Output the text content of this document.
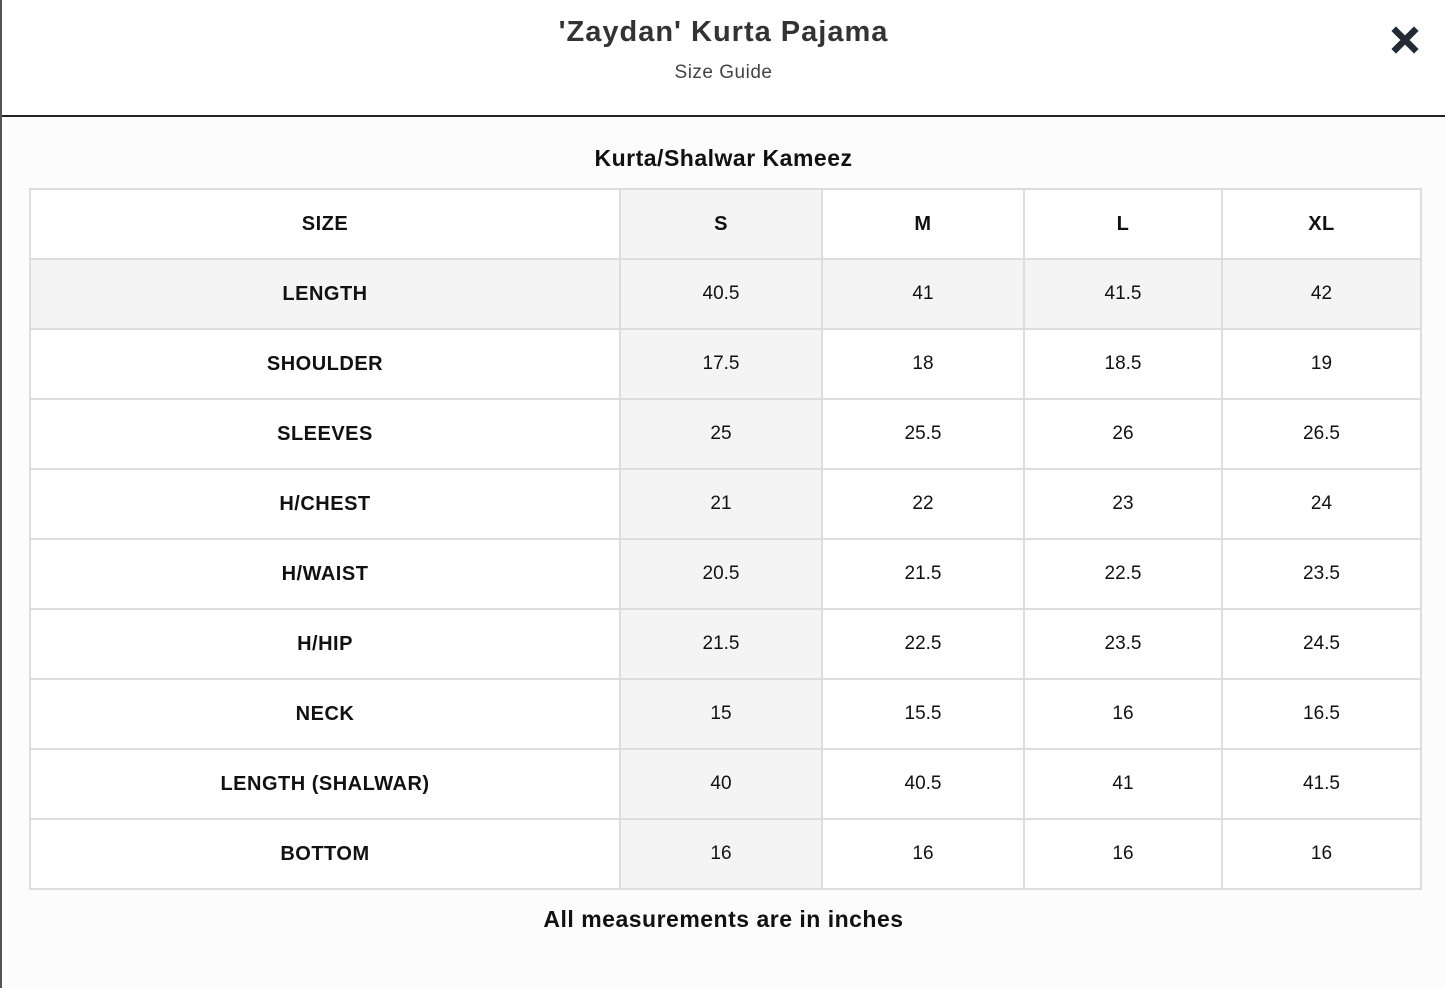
'Zaydan' Kurta Pajama
Size Guide
Kurta/Shalwar Kameez
SIZE	S	M	L	XL
LENGTH	40.5	41	41.5	42
SHOULDER	17.5	18	18.5	19
SLEEVES	25	25.5	26	26.5
H/CHEST	21	22	23	24
H/WAIST	20.5	21.5	22.5	23.5
H/HIP	21.5	22.5	23.5	24.5
NECK	15	15.5	16	16.5
LENGTH (SHALWAR)	40	40.5	41	41.5
BOTTOM	16	16	16	16
All measurements are in inches
